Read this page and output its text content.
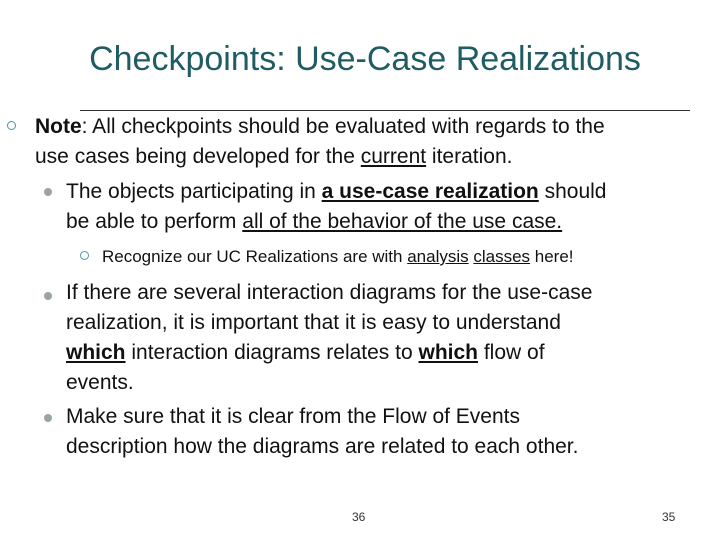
Checkpoints: Use-Case Realizations
Note: All checkpoints should be evaluated with regards to the
use cases being developed for the current iteration.
The objects participating in a use-case realization should
be able to perform all of the behavior of the use case.
Recognize our UC Realizations are with analysis classes here!
If there are several interaction diagrams for the use-case
realization, it is important that it is easy to understand
which interaction diagrams relates to which flow of
events.
Make sure that it is clear from the Flow of Events
description how the diagrams are related to each other.
36	35
